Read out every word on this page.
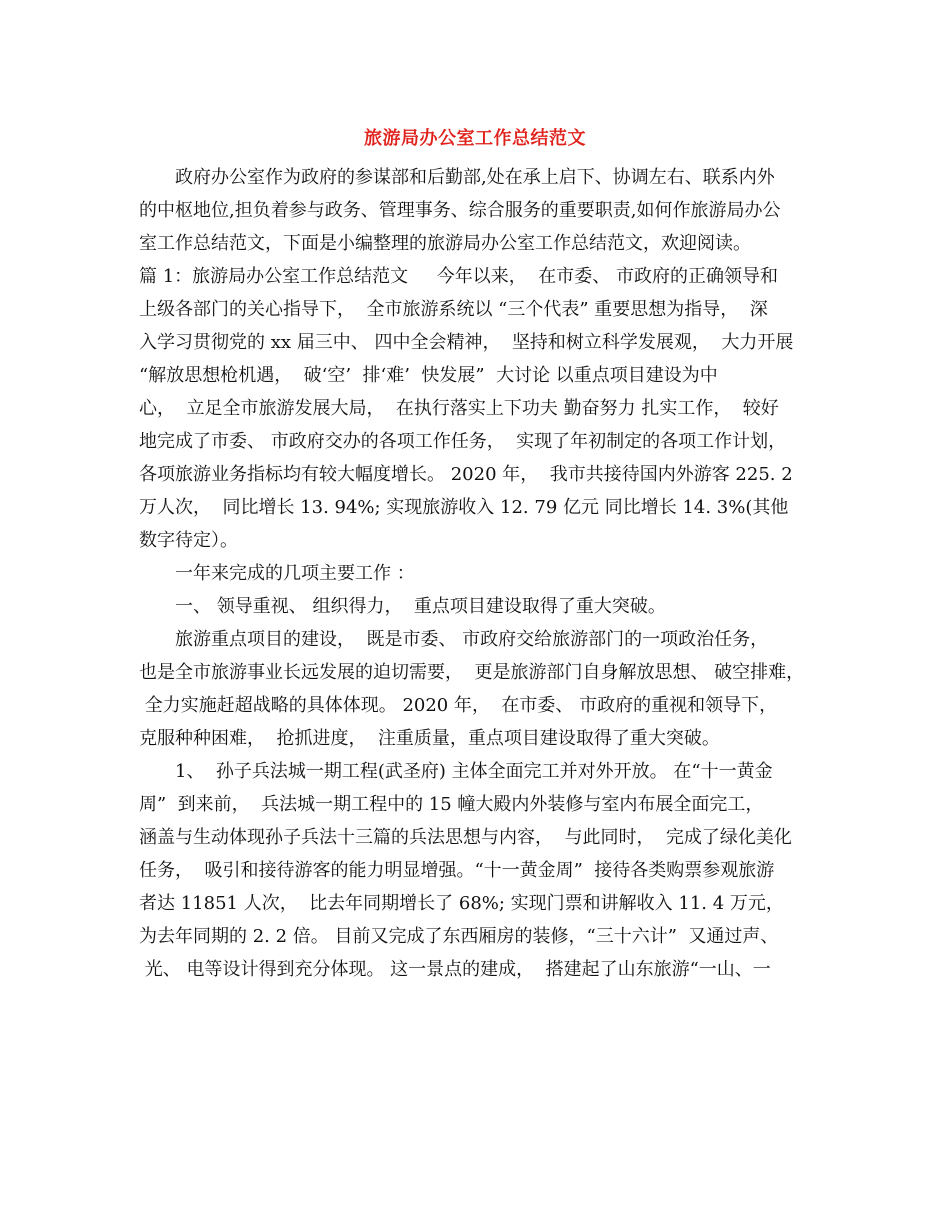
旅游局办公室工作总结范文
政府办公室作为政府的参谋部和后勤部,处在承上启下、协调左右、联系内外
的中枢地位,担负着参与政务、管理事务、综合服务的重要职责,如何作旅游局办公
室工作总结范文，下面是小编整理的旅游局办公室工作总结范文，欢迎阅读。
篇 1：旅游局办公室工作总结范文     今年以来，  在市委、 市政府的正确领导和
上级各部门的关心指导下，  全市旅游系统以 “三个代表” 重要思想为指导，  深
入学习贯彻党的 xx 届三中、 四中全会精神，  坚持和树立科学发展观，  大力开展
“解放思想枪机遇，  破‘空’  排‘难’  快发展”  大讨论 以重点项目建设为中
心，  立足全市旅游发展大局，  在执行落实上下功夫 勤奋努力 扎实工作，  较好
地完成了市委、 市政府交办的各项工作任务，  实现了年初制定的各项工作计划，
各项旅游业务指标均有较大幅度增长。 2020 年，  我市共接待国内外游客 225. 2
万人次，  同比增长 13. 94%; 实现旅游收入 12. 79 亿元 同比增长 14. 3%(其他
数字待定）。
一年来完成的几项主要工作 ：
一、 领导重视、 组织得力，  重点项目建设取得了重大突破。
旅游重点项目的建设，  既是市委、 市政府交给旅游部门的一项政治任务，
也是全市旅游事业长远发展的迫切需要，  更是旅游部门自身解放思想、 破空排难，
全力实施赶超战略的具体体现。 2020 年，  在市委、 市政府的重视和领导下，
克服种种困难，  抢抓进度，  注重质量，重点项目建设取得了重大突破。
1、  孙子兵法城一期工程(武圣府) 主体全面完工并对外开放。 在“十一黄金
周”  到来前，  兵法城一期工程中的 15 幢大殿内外装修与室内布展全面完工，
涵盖与生动体现孙子兵法十三篇的兵法思想与内容，  与此同时，  完成了绿化美化
任务，  吸引和接待游客的能力明显增强。“十一黄金周”  接待各类购票参观旅游
者达 11851 人次，  比去年同期增长了 68%; 实现门票和讲解收入 11. 4 万元，
为去年同期的 2. 2 倍。 目前又完成了东西厢房的装修，“三十六计”  又通过声、
光、 电等设计得到充分体现。 这一景点的建成，  搭建起了山东旅游“一山、一
